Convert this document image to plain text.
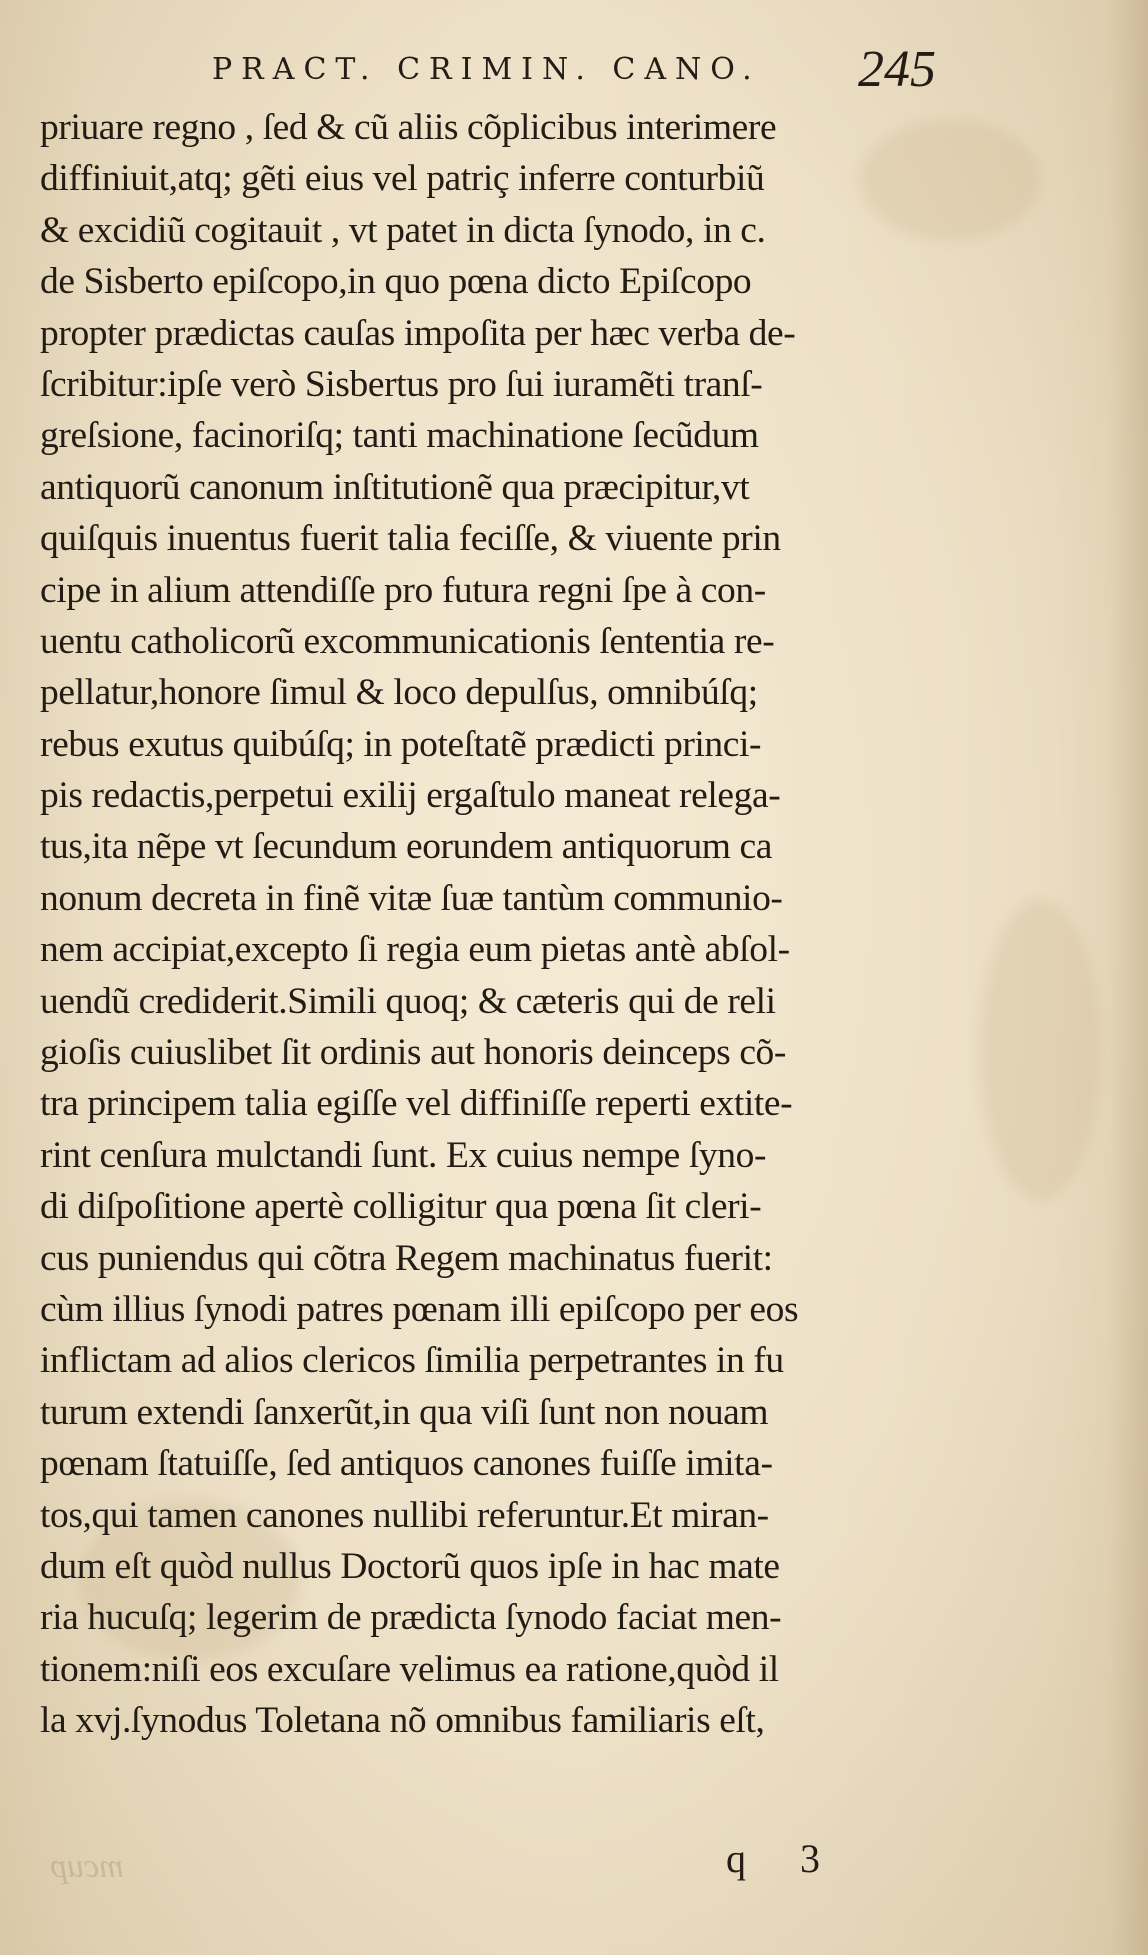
PRACT. CRIMIN. CANO.	245
priuare regno , ſed & cũ aliis cõplicibus interimere
diffiniuit,atq; gẽti eius vel patriç inferre conturbiũ
& excidiũ cogitauit , vt patet in dicta ſynodo, in c.
de Sisberto epiſcopo,in quo pœna dicto Epiſcopo
propter prædictas cauſas impoſita per hæc verba de-
ſcribitur:ipſe verò Sisbertus pro ſui iuramẽti tranſ-
greſsione, facinoriſq; tanti machinatione ſecũdum
antiquorũ canonum inſtitutionẽ qua præcipitur,vt
quiſquis inuentus fuerit talia feciſſe, & viuente prin
cipe in alium attendiſſe pro futura regni ſpe à con-
uentu catholicorũ excommunicationis ſententia re-
pellatur,honore ſimul & loco depulſus, omnibúſq;
rebus exutus quibúſq; in poteſtatẽ prædicti princi-
pis redactis,perpetui exilij ergaſtulo maneat relega-
tus,ita nẽpe vt ſecundum eorundem antiquorum ca
nonum decreta in finẽ vitæ ſuæ tantùm communio-
nem accipiat,excepto ſi regia eum pietas antè abſol-
uendũ crediderit.Simili quoq; & cæteris qui de reli
gioſis cuiuslibet ſit ordinis aut honoris deinceps cõ-
tra principem talia egiſſe vel diffiniſſe reperti extite-
rint cenſura mulctandi ſunt. Ex cuius nempe ſyno-
di diſpoſitione apertè colligitur qua pœna ſit cleri-
cus puniendus qui cõtra Regem machinatus fuerit:
cùm illius ſynodi patres pœnam illi epiſcopo per eos
inflictam ad alios clericos ſimilia perpetrantes in fu
turum extendi ſanxerũt,in qua viſi ſunt non nouam
pœnam ſtatuiſſe, ſed antiquos canones fuiſſe imita-
tos,qui tamen canones nullibi referuntur.Et miran-
dum eſt quòd nullus Doctorũ quos ipſe in hac mate
ria hucuſq; legerim de prædicta ſynodo faciat men-
tionem:niſi eos excuſare velimus ea ratione,quòd il
la xvj.ſynodus Toletana nõ omnibus familiaris eſt,
q 3
mcup
